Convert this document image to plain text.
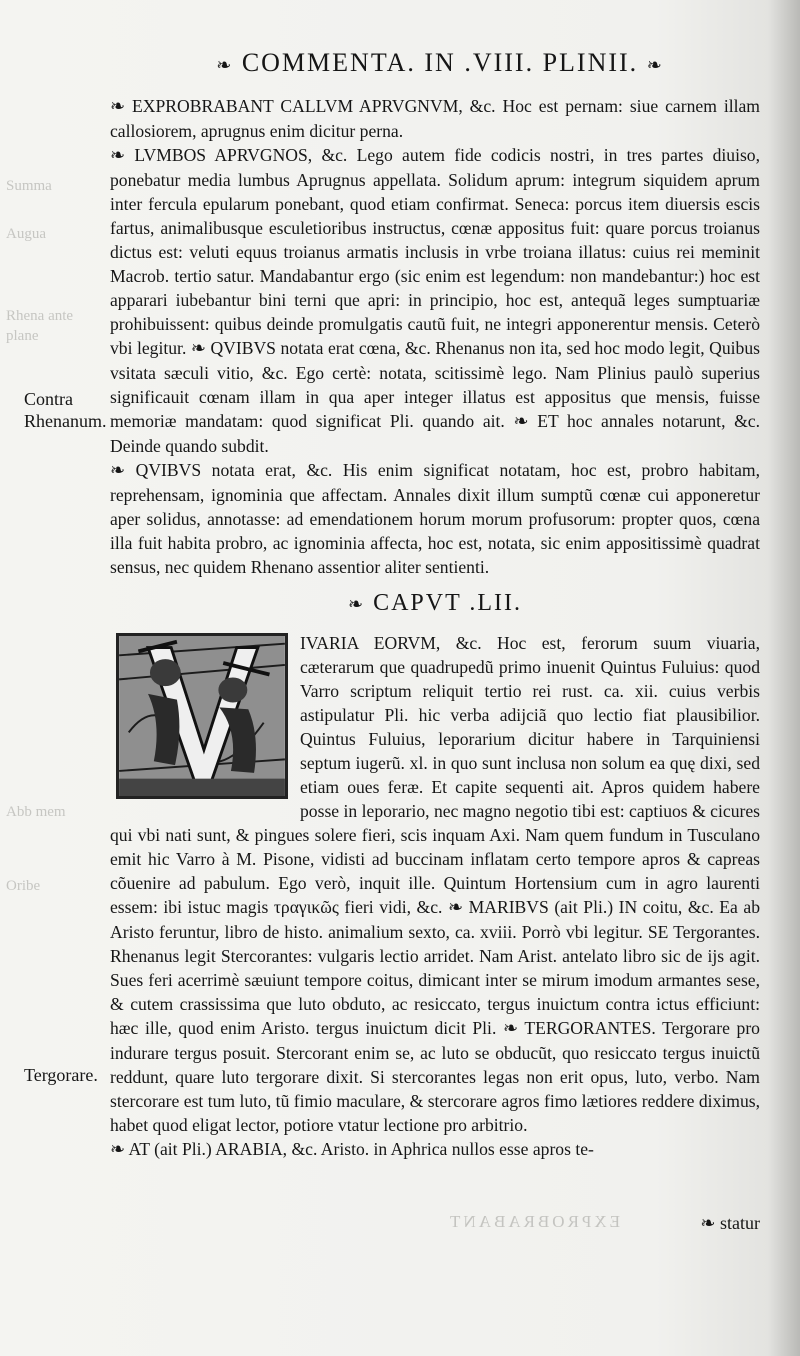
❧ COMMENTA. IN .VIII. PLINII. ❧
Summa
Augua
Rhena ante plane
Abb mem
Oribe
Contra Rhenanum.
Tergorare.

❧ EXPROBRABANT CALLVM APRVGNVM, &c. Hoc est pernam: siue carnem illam callosiorem, aprugnus enim dicitur perna.

❧ LVMBOS APRVGNOS, &c. Lego autem fide codicis nostri, in tres partes diuiso, ponebatur media lumbus Aprugnus appellata. Solidum aprum: integrum siquidem aprum inter fercula epularum ponebant, quod etiam confirmat. Seneca: porcus item diuersis escis fartus, animalibusque esculetioribus instructus, cœnæ appositus fuit: quare porcus troianus dictus est: veluti equus troianus armatis inclusis in vrbe troiana illatus: cuius rei meminit Macrob. tertio satur. Mandabantur ergo (sic enim est legendum: non mandebantur:) hoc est apparari iubebantur bini terni que apri: in principio, hoc est, antequã leges sumptuariæ prohibuissent: quibus deinde promulgatis cautũ fuit, ne integri apponerentur mensis. Ceterò vbi legitur. ❧ QVIBVS notata erat cœna, &c. Rhenanus non ita, sed hoc modo legit, Quibus vsitata sæculi vitio, &c. Ego certè: notata, scitissimè lego. Nam Plinius paulò superius significauit cœnam illam in qua aper integer illatus est appositus que mensis, fuisse memoriæ mandatam: quod significat Pli. quando ait. ❧ ET hoc annales notarunt, &c. Deinde quando subdit.

❧ QVIBVS notata erat, &c. His enim significat notatam, hoc est, probro habitam, reprehensam, ignominia que affectam. Annales dixit illum sumptũ cœnæ cui apponeretur aper solidus, annotasse: ad emendationem horum morum profusorum: propter quos, cœna illa fuit habita probro, ac ignominia affecta, hoc est, notata, sic enim appositissimè quadrat sensus, nec quidem Rhenano assentior aliter sentienti.

❧ CAPVT .LII.

IVARIA EORVM, &c. Hoc est, ferorum suum viuaria, cæterarum que quadrupedũ primo inuenit Quintus Fuluius: quod Varro scriptum reliquit tertio rei rust. ca. xii. cuius verbis astipulatur Pli. hic verba adijciã quo lectio fiat plausibilior. Quintus Fuluius, leporarium dicitur habere in Tarquiniensi septum iugerũ. xl. in quo sunt inclusa non solum ea quę dixi, sed etiam oues feræ. Et capite sequenti ait. Apros quidem habere posse in leporario, nec magno negotio tibi est: captiuos & cicures qui vbi nati sunt, & pingues solere fieri, scis inquam Axi. Nam quem fundum in Tusculano emit hic Varro à M. Pisone, vidisti ad buccinam inflatam certo tempore apros & capreas cõuenire ad pabulum. Ego verò, inquit ille. Quintum Hortensium cum in agro laurenti essem: ibi istuc magis τραγικῶς fieri vidi, &c. ❧ MARIBVS (ait Pli.) IN coitu, &c. Ea ab Aristo feruntur, libro de histo. animalium sexto, ca. xviii. Porrò vbi legitur. SE Tergorantes. Rhenanus legit Stercorantes: vulgaris lectio arridet. Nam Arist. antelato libro sic de ijs agit. Sues feri acerrimè sæuiunt tempore coitus, dimicant inter se mirum imodum armantes sese, & cutem crassissima que luto obduto, ac resiccato, tergus inuictum contra ictus efficiunt: hæc ille, quod enim Aristo. tergus inuictum dicit Pli. ❧ TERGORANTES. Tergorare pro indurare tergus posuit. Stercorant enim se, ac luto se obducũt, quo resiccato tergus inuictũ reddunt, quare luto tergorare dixit. Si stercorantes legas non erit opus, luto, verbo. Nam stercorare est tum luto, tũ fimio maculare, & stercorare agros fimo lætiores reddere diximus, habet quod eligat lector, potiore vtatur lectione pro arbitrio.

❧ AT (ait Pli.) ARABIA, &c. Aristo. in Aphrica nullos esse apros te-

EXPROBRABANT	❧ statur
